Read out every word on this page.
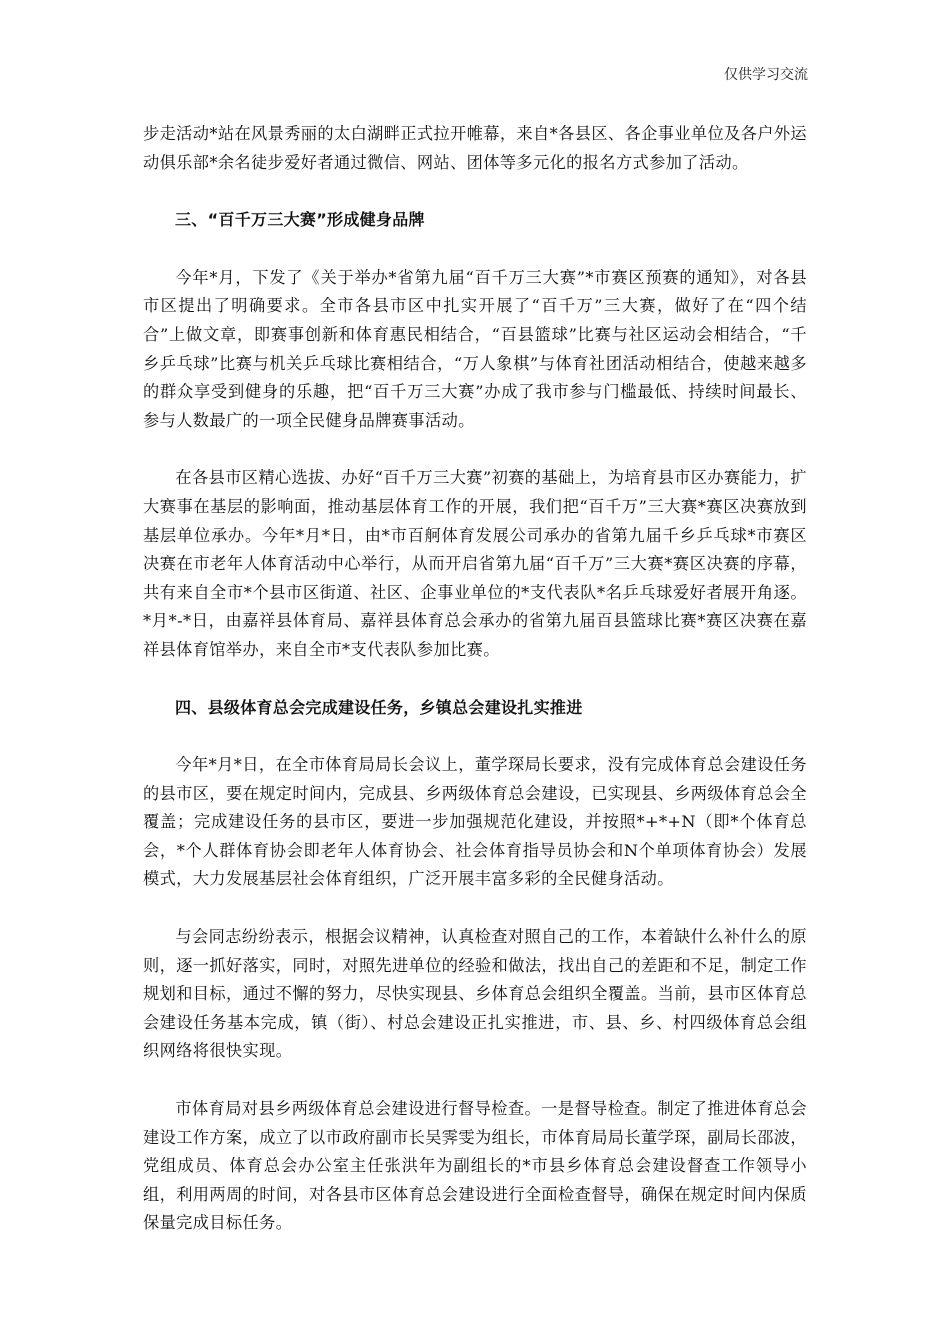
仅供学习交流

步走活动*站在风景秀丽的太白湖畔正式拉开帷幕，来自*各县区、各企事业单位及各户外运动俱乐部*余名徒步爱好者通过微信、网站、团体等多元化的报名方式参加了活动。

三、“百千万三大赛”形成健身品牌

今年*月，下发了《关于举办*省第九届“百千万三大赛”*市赛区预赛的通知》，对各县市区提出了明确要求。全市各县市区中扎实开展了“百千万”三大赛，做好了在“四个结合”上做文章，即赛事创新和体育惠民相结合，“百县篮球”比赛与社区运动会相结合，“千乡乒乓球”比赛与机关乒乓球比赛相结合，“万人象棋”与体育社团活动相结合，使越来越多的群众享受到健身的乐趣，把“百千万三大赛”办成了我市参与门槛最低、持续时间最长、参与人数最广的一项全民健身品牌赛事活动。

在各县市区精心选拔、办好“百千万三大赛”初赛的基础上，为培育县市区办赛能力，扩大赛事在基层的影响面，推动基层体育工作的开展，我们把“百千万”三大赛*赛区决赛放到基层单位承办。今年*月*日，由*市百舸体育发展公司承办的省第九届千乡乒乓球*市赛区决赛在市老年人体育活动中心举行，从而开启省第九届“百千万”三大赛*赛区决赛的序幕，共有来自全市*个县市区街道、社区、企事业单位的*支代表队*名乒乓球爱好者展开角逐。*月*-*日，由嘉祥县体育局、嘉祥县体育总会承办的省第九届百县篮球比赛*赛区决赛在嘉祥县体育馆举办，来自全市*支代表队参加比赛。

四、县级体育总会完成建设任务，乡镇总会建设扎实推进

今年*月*日，在全市体育局局长会议上，董学琛局长要求，没有完成体育总会建设任务的县市区，要在规定时间内，完成县、乡两级体育总会建设，已实现县、乡两级体育总会全覆盖；完成建设任务的县市区，要进一步加强规范化建设，并按照*+*+N（即*个体育总会，*个人群体育协会即老年人体育协会、社会体育指导员协会和N个单项体育协会）发展模式，大力发展基层社会体育组织，广泛开展丰富多彩的全民健身活动。

与会同志纷纷表示，根据会议精神，认真检查对照自己的工作，本着缺什么补什么的原则，逐一抓好落实，同时，对照先进单位的经验和做法，找出自己的差距和不足，制定工作规划和目标，通过不懈的努力，尽快实现县、乡体育总会组织全覆盖。当前，县市区体育总会建设任务基本完成，镇（街）、村总会建设正扎实推进，市、县、乡、村四级体育总会组织网络将很快实现。

市体育局对县乡两级体育总会建设进行督导检查。一是督导检查。制定了推进体育总会建设工作方案，成立了以市政府副市长吴霁雯为组长，市体育局局长董学琛，副局长邵波，党组成员、体育总会办公室主任张洪年为副组长的*市县乡体育总会建设督查工作领导小组，利用两周的时间，对各县市区体育总会建设进行全面检查督导，确保在规定时间内保质保量完成目标任务。
